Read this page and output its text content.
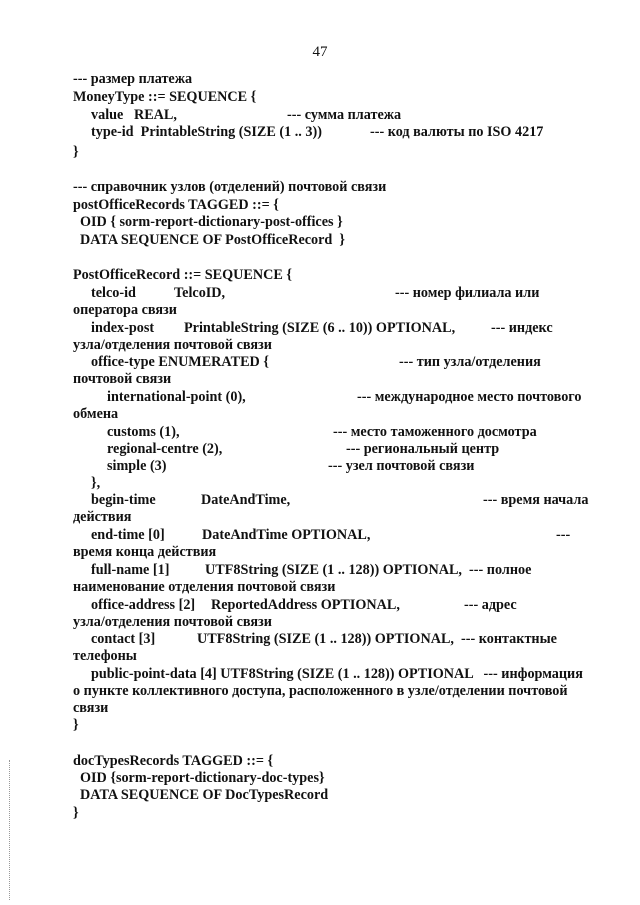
47
--- размер платежа
MoneyType ::= SEQUENCE {
value   REAL,	--- сумма платежа
type-id  PrintableString (SIZE (1 .. 3))	--- код валюты по ISO 4217
}
--- справочник узлов (отделений) почтовой связи
postOfficeRecords TAGGED ::= {
OID { sorm-report-dictionary-post-offices }
DATA SEQUENCE OF PostOfficeRecord  }
PostOfficeRecord ::= SEQUENCE {
telco-id	TelcoID,	--- номер филиала или
оператора связи
index-post PrintableString (SIZE (6 .. 10)) OPTIONAL,	--- индекс
узла/отделения почтовой связи
office-type ENUMERATED {	--- тип узла/отделения
почтовой связи
international-point (0),	--- международное место почтового
обмена
customs (1),	--- место таможенного досмотра
regional-centre (2),	--- региональный центр
simple (3)	--- узел почтовой связи
},
begin-time	DateAndTime,	--- время начала
действия
end-time [0]	DateAndTime OPTIONAL,	---
время конца действия
full-name [1]	UTF8String (SIZE (1 .. 128)) OPTIONAL,  --- полное
наименование отделения почтовой связи
office-address [2] ReportedAddress OPTIONAL,	--- адрес
узла/отделения почтовой связи
contact [3]	UTF8String (SIZE (1 .. 128)) OPTIONAL,  --- контактные
телефоны
public-point-data [4] UTF8String (SIZE (1 .. 128)) OPTIONAL   --- информация
о пункте коллективного доступа, расположенного в узле/отделении почтовой
связи
}
docTypesRecords TAGGED ::= {
OID {sorm-report-dictionary-doc-types}
DATA SEQUENCE OF DocTypesRecord
}
